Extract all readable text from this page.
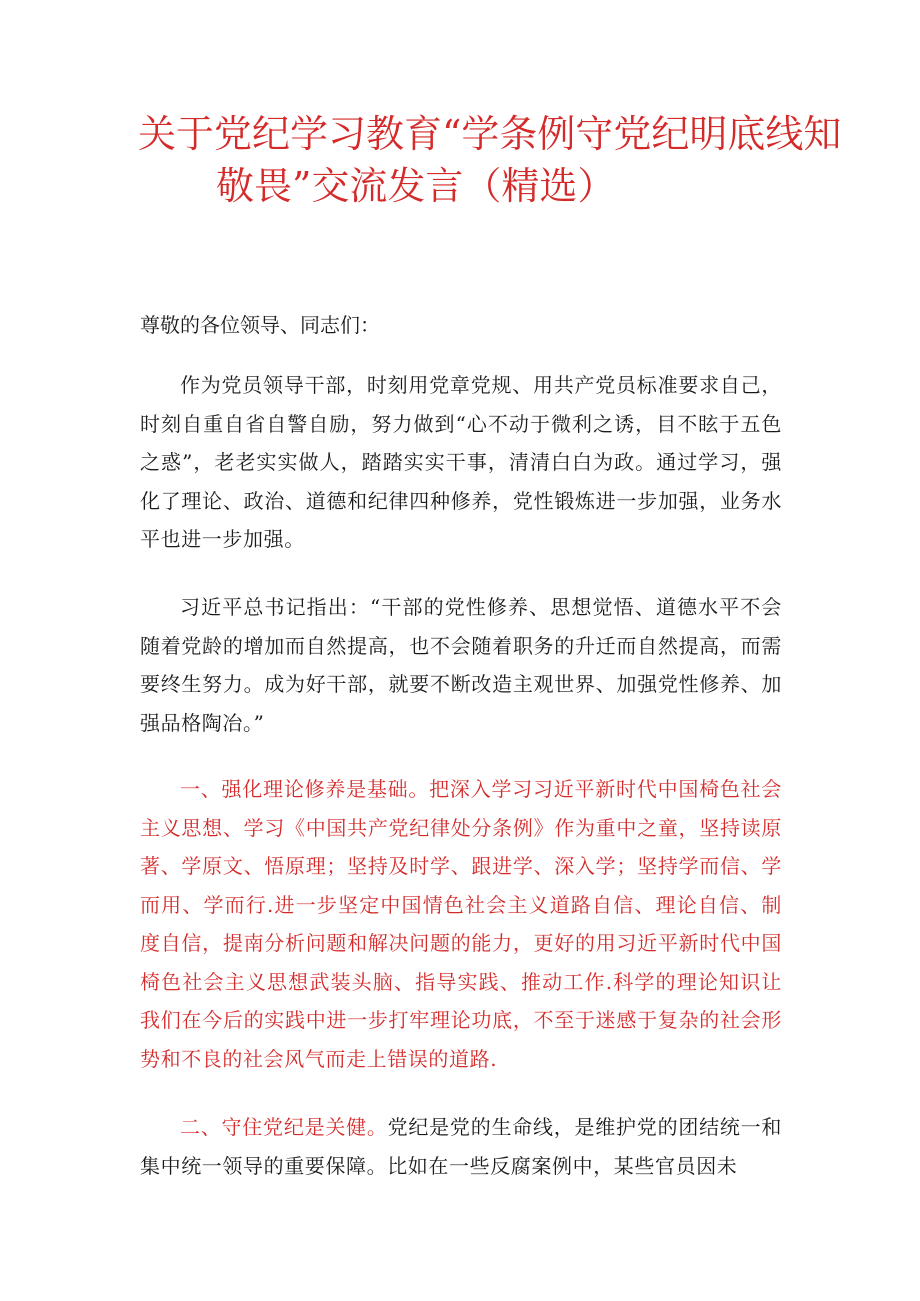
关于党纪学习教育“学条例守党纪明底线知
敬畏”交流发言（精选）

尊敬的各位领导、同志们：

作为党员领导干部，时刻用党章党规、用共产党员标准要求自己，时刻自重自省自警自励，努力做到“心不动于微利之诱，目不眩于五色之惑”，老老实实做人，踏踏实实干事，清清白白为政。通过学习，强化了理论、政治、道德和纪律四种修养，党性锻炼进一步加强，业务水平也进一步加强。

习近平总书记指出：“干部的党性修养、思想觉悟、道德水平不会随着党龄的增加而自然提高，也不会随着职务的升迁而自然提高，而需要终生努力。成为好干部，就要不断改造主观世界、加强党性修养、加强品格陶冶。”

一、强化理论修养是基础。把深入学习习近平新时代中国椅色社会主义思想、学习《中国共产党纪律处分条例》作为重中之童，坚持读原著、学原文、悟原理；坚持及时学、跟进学、深入学；坚持学而信、学而用、学而行.进一步坚定中国情色社会主义道路自信、理论自信、制度自信，提南分析问题和解决问题的能力，更好的用习近平新时代中国椅色社会主义思想武装头脑、指导实践、推动工作.科学的理论知识让我们在今后的实践中进一步打牢理论功底，不至于迷感于复杂的社会形势和不良的社会风气而走上错误的道路.

二、守住党纪是关健。党纪是党的生命线，是维护党的团结统一和集中统一领导的重要保障。比如在一些反腐案例中，某些官员因未
